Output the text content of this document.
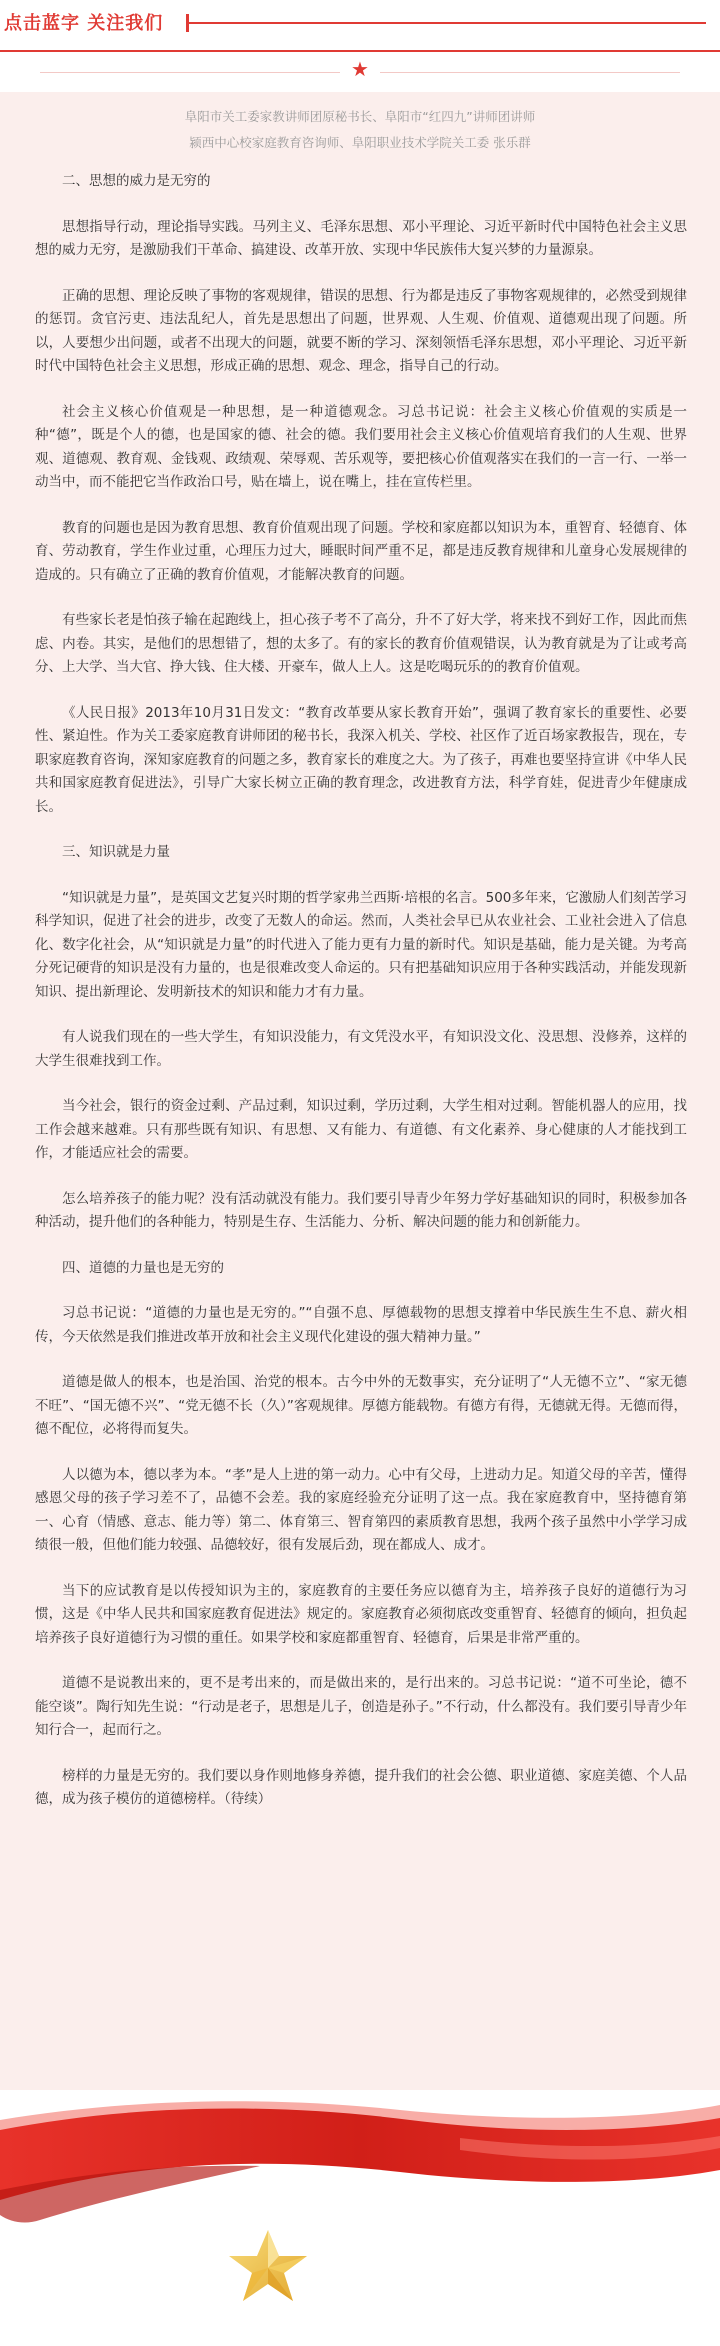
点击蓝字 关注我们
★
阜阳市关工委家教讲师团原秘书长、阜阳市“红四九”讲师团讲师
颍西中心校家庭教育咨询师、阜阳职业技术学院关工委 张乐群

二、思想的威力是无穷的

思想指导行动，理论指导实践。马列主义、毛泽东思想、邓小平理论、习近平新时代中国特色社会主义思想的威力无穷，是激励我们干革命、搞建设、改革开放、实现中华民族伟大复兴梦的力量源泉。

正确的思想、理论反映了事物的客观规律，错误的思想、行为都是违反了事物客观规律的，必然受到规律的惩罚。贪官污吏、违法乱纪人，首先是思想出了问题，世界观、人生观、价值观、道德观出现了问题。所以，人要想少出问题，或者不出现大的问题，就要不断的学习、深刻领悟毛泽东思想，邓小平理论、习近平新时代中国特色社会主义思想，形成正确的思想、观念、理念，指导自己的行动。

社会主义核心价值观是一种思想，是一种道德观念。习总书记说：社会主义核心价值观的实质是一种“德”，既是个人的德，也是国家的德、社会的德。我们要用社会主义核心价值观培育我们的人生观、世界观、道德观、教育观、金钱观、政绩观、荣辱观、苦乐观等，要把核心价值观落实在我们的一言一行、一举一动当中，而不能把它当作政治口号，贴在墙上，说在嘴上，挂在宣传栏里。

教育的问题也是因为教育思想、教育价值观出现了问题。学校和家庭都以知识为本，重智育、轻德育、体育、劳动教育，学生作业过重，心理压力过大，睡眠时间严重不足，都是违反教育规律和儿童身心发展规律的造成的。只有确立了正确的教育价值观，才能解决教育的问题。

有些家长老是怕孩子输在起跑线上，担心孩子考不了高分，升不了好大学，将来找不到好工作，因此而焦虑、内卷。其实，是他们的思想错了，想的太多了。有的家长的教育价值观错误，认为教育就是为了让或考高分、上大学、当大官、挣大钱、住大楼、开豪车，做人上人。这是吃喝玩乐的的教育价值观。

《人民日报》2013年10月31日发文：“教育改革要从家长教育开始”，强调了教育家长的重要性、必要性、紧迫性。作为关工委家庭教育讲师团的秘书长，我深入机关、学校、社区作了近百场家教报告，现在，专职家庭教育咨询，深知家庭教育的问题之多，教育家长的难度之大。为了孩子，再难也要坚持宣讲《中华人民共和国家庭教育促进法》，引导广大家长树立正确的教育理念，改进教育方法，科学育娃，促进青少年健康成长。

三、知识就是力量

“知识就是力量”，是英国文艺复兴时期的哲学家弗兰西斯·培根的名言。500多年来，它激励人们刻苦学习科学知识，促进了社会的进步，改变了无数人的命运。然而，人类社会早已从农业社会、工业社会进入了信息化、数字化社会，从“知识就是力量”的时代进入了能力更有力量的新时代。知识是基础，能力是关键。为考高分死记硬背的知识是没有力量的，也是很难改变人命运的。只有把基础知识应用于各种实践活动，并能发现新知识、提出新理论、发明新技术的知识和能力才有力量。

有人说我们现在的一些大学生，有知识没能力，有文凭没水平，有知识没文化、没思想、没修养，这样的大学生很难找到工作。

当今社会，银行的资金过剩、产品过剩，知识过剩，学历过剩，大学生相对过剩。智能机器人的应用，找工作会越来越难。只有那些既有知识、有思想、又有能力、有道德、有文化素养、身心健康的人才能找到工作，才能适应社会的需要。

怎么培养孩子的能力呢？没有活动就没有能力。我们要引导青少年努力学好基础知识的同时，积极参加各种活动，提升他们的各种能力，特别是生存、生活能力、分析、解决问题的能力和创新能力。

四、道德的力量也是无穷的

习总书记说：“道德的力量也是无穷的。”“自强不息、厚德载物的思想支撑着中华民族生生不息、薪火相传，今天依然是我们推进改革开放和社会主义现代化建设的强大精神力量。”

道德是做人的根本，也是治国、治党的根本。古今中外的无数事实，充分证明了“人无德不立”、“家无德不旺”、“国无德不兴”、“党无德不长（久）”客观规律。厚德方能载物。有德方有得，无德就无得。无德而得，德不配位，必将得而复失。

人以德为本，德以孝为本。“孝”是人上进的第一动力。心中有父母，上进动力足。知道父母的辛苦，懂得感恩父母的孩子学习差不了，品德不会差。我的家庭经验充分证明了这一点。我在家庭教育中，坚持德育第一、心育（情感、意志、能力等）第二、体育第三、智育第四的素质教育思想，我两个孩子虽然中小学学习成绩很一般，但他们能力较强、品德较好，很有发展后劲，现在都成人、成才。

当下的应试教育是以传授知识为主的，家庭教育的主要任务应以德育为主，培养孩子良好的道德行为习惯，这是《中华人民共和国家庭教育促进法》规定的。家庭教育必须彻底改变重智育、轻德育的倾向，担负起培养孩子良好道德行为习惯的重任。如果学校和家庭都重智育、轻德育，后果是非常严重的。

道德不是说教出来的，更不是考出来的，而是做出来的，是行出来的。习总书记说：“道不可坐论，德不能空谈”。陶行知先生说：“行动是老子，思想是儿子，创造是孙子。”不行动，什么都没有。我们要引导青少年知行合一，起而行之。

榜样的力量是无穷的。我们要以身作则地修身养德，提升我们的社会公德、职业道德、家庭美德、个人品德，成为孩子模仿的道德榜样。（待续）
